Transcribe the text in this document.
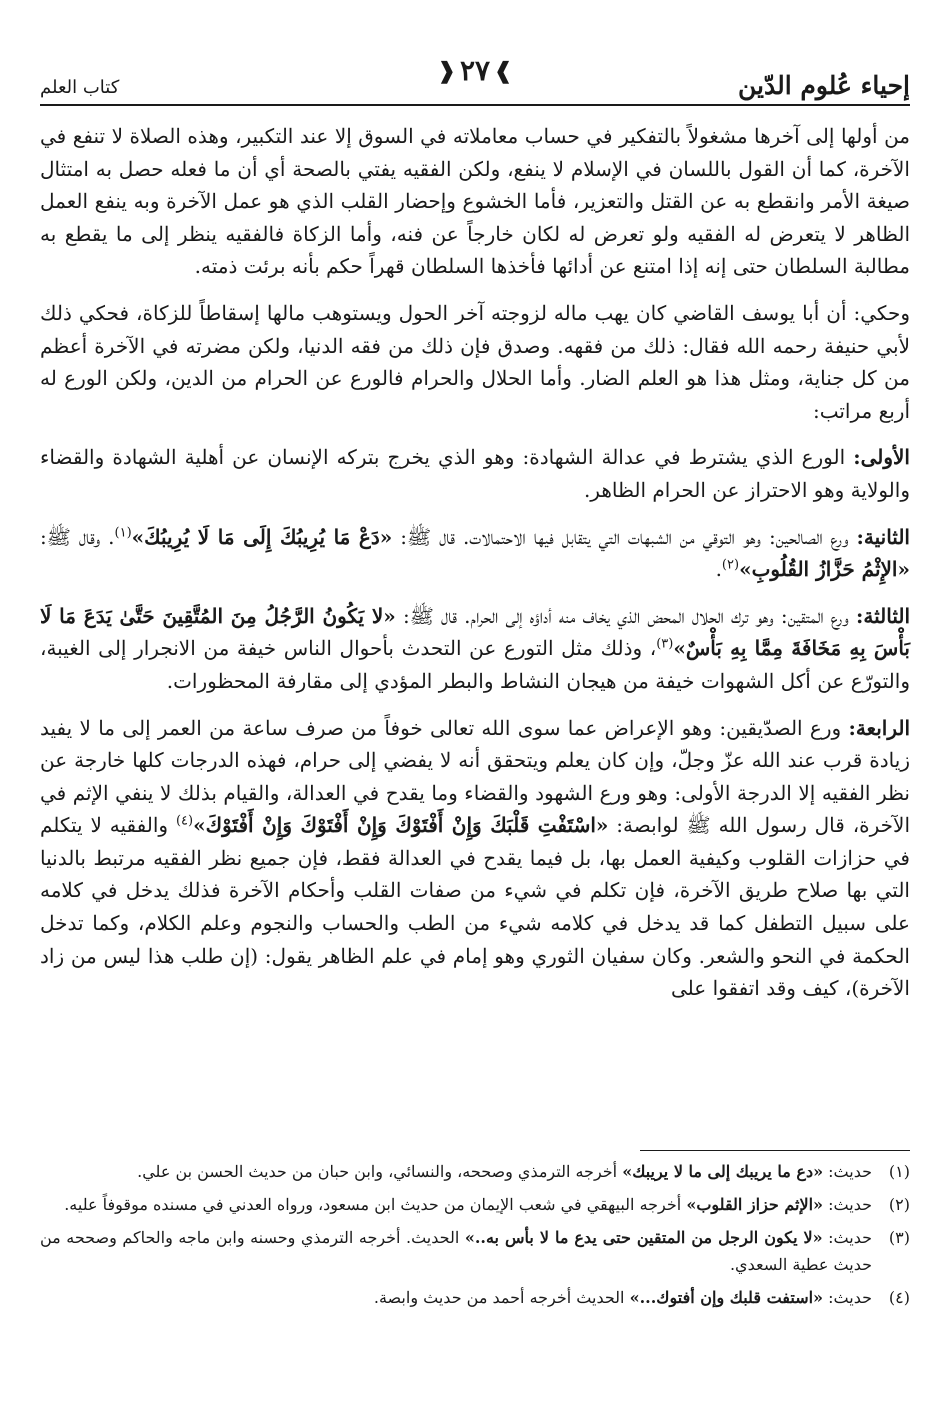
إحياء عُلوم الدّين
❱
٢٧
❰
كتاب العلم

من أولها إلى آخرها مشغولاً بالتفكير في حساب معاملاته في السوق إلا عند التكبير، وهذه الصلاة لا تنفع في الآخرة، كما أن القول باللسان في الإسلام لا ينفع، ولكن الفقيه يفتي بالصحة أي أن ما فعله حصل به امتثال صيغة الأمر وانقطع به عن القتل والتعزير، فأما الخشوع وإحضار القلب الذي هو عمل الآخرة وبه ينفع العمل الظاهر لا يتعرض له الفقيه ولو تعرض له لكان خارجاً عن فنه، وأما الزكاة فالفقيه ينظر إلى ما يقطع به مطالبة السلطان حتى إنه إذا امتنع عن أدائها فأخذها السلطان قهراً حكم بأنه برئت ذمته.

وحكي: أن أبا يوسف القاضي كان يهب ماله لزوجته آخر الحول ويستوهب مالها إسقاطاً للزكاة، فحكي ذلك لأبي حنيفة رحمه الله فقال: ذلك من فقهه. وصدق فإن ذلك من فقه الدنيا، ولكن مضرته في الآخرة أعظم من كل جناية، ومثل هذا هو العلم الضار. وأما الحلال والحرام فالورع عن الحرام من الدين، ولكن الورع له أربع مراتب:

الأولى: الورع الذي يشترط في عدالة الشهادة: وهو الذي يخرج بتركه الإنسان عن أهلية الشهادة والقضاء والولاية وهو الاحتراز عن الحرام الظاهر.

الثانية: ورع الصالحين: وهو التوقي من الشبهات التي يتقابل فيها الاحتمالات. قال ﷺ: «دَعْ مَا يُرِيبُكَ إِلَى مَا لَا يُرِيبُكَ»$^{(١)}$. وقال ﷺ: «الإِثْمُ حَزَّازُ القُلُوبِ»$^{(٢)}$.

الثالثة: ورع المتقين: وهو ترك الحلال المحض الذي يخاف منه أداؤه إلى الحرام. قال ﷺ: «لا يَكُونُ الرَّجُلُ مِنَ المُتَّقِينَ حَتَّىٰ يَدَعَ مَا لَا بَأْسَ بِهِ مَخَافَةَ مِمَّا بِهِ بَأْسٌ»$^{(٣)}$، وذلك مثل التورع عن التحدث بأحوال الناس خيفة من الانجرار إلى الغيبة، والتورّع عن أكل الشهوات خيفة من هيجان النشاط والبطر المؤدي إلى مقارفة المحظورات.

الرابعة: ورع الصدّيقين: وهو الإعراض عما سوى الله تعالى خوفاً من صرف ساعة من العمر إلى ما لا يفيد زيادة قرب عند الله عزّ وجلّ، وإن كان يعلم ويتحقق أنه لا يفضي إلى حرام، فهذه الدرجات كلها خارجة عن نظر الفقيه إلا الدرجة الأولى: وهو ورع الشهود والقضاء وما يقدح في العدالة، والقيام بذلك لا ينفي الإثم في الآخرة، قال رسول الله ﷺ لوابصة: «اسْتَفْتِ قَلْبَكَ وَإِنْ أَفْتَوْكَ وَإِنْ أَفْتَوْكَ وَإِنْ أَفْتَوْكَ»$^{(٤)}$ والفقيه لا يتكلم في حزازات القلوب وكيفية العمل بها، بل فيما يقدح في العدالة فقط، فإن جميع نظر الفقيه مرتبط بالدنيا التي بها صلاح طريق الآخرة، فإن تكلم في شيء من صفات القلب وأحكام الآخرة فذلك يدخل في كلامه على سبيل التطفل كما قد يدخل في كلامه شيء من الطب والحساب والنجوم وعلم الكلام، وكما تدخل الحكمة في النحو والشعر. وكان سفيان الثوري وهو إمام في علم الظاهر يقول: (إن طلب هذا ليس من زاد الآخرة)، كيف وقد اتفقوا على

(١)
حديث: «دع ما يريبك إلى ما لا يريبك» أخرجه الترمذي وصححه، والنسائي، وابن حبان من حديث الحسن بن علي.
(٢)
حديث: «الإثم حزاز القلوب» أخرجه البيهقي في شعب الإيمان من حديث ابن مسعود، ورواه العدني في مسنده موقوفاً عليه.
(٣)
حديث: «لا يكون الرجل من المتقين حتى يدع ما لا بأس به..» الحديث. أخرجه الترمذي وحسنه وابن ماجه والحاكم وصححه من حديث عطية السعدي.
(٤)
حديث: «استفت قلبك وإن أفتوك...» الحديث أخرجه أحمد من حديث وابصة.
